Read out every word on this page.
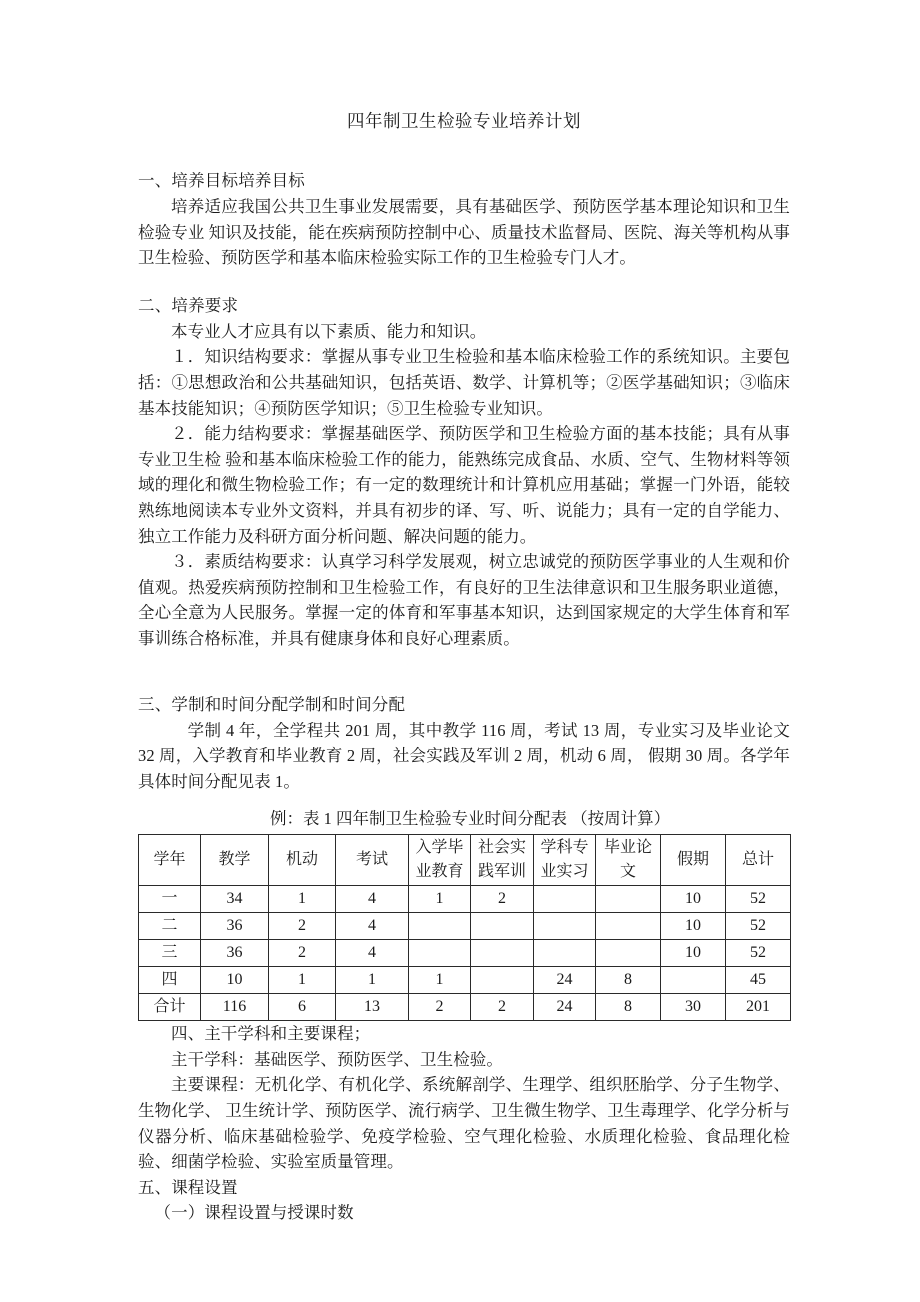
四年制卫生检验专业培养计划

一、培养目标培养目标

培养适应我国公共卫生事业发展需要，具有基础医学、预防医学基本理论知识和卫生检验专业 知识及技能，能在疾病预防控制中心、质量技术监督局、医院、海关等机构从事卫生检验、预防医学和基本临床检验实际工作的卫生检验专门人才。

二、培养要求

本专业人才应具有以下素质、能力和知识。

１．知识结构要求：掌握从事专业卫生检验和基本临床检验工作的系统知识。主要包括：①思想政治和公共基础知识，包括英语、数学、计算机等；②医学基础知识；③临床基本技能知识；④预防医学知识；⑤卫生检验专业知识。

２．能力结构要求：掌握基础医学、预防医学和卫生检验方面的基本技能；具有从事专业卫生检 验和基本临床检验工作的能力，能熟练完成食品、水质、空气、生物材料等领域的理化和微生物检验工作；有一定的数理统计和计算机应用基础；掌握一门外语，能较熟练地阅读本专业外文资料，并具有初步的译、写、听、说能力；具有一定的自学能力、独立工作能力及科研方面分析问题、解决问题的能力。

３．素质结构要求：认真学习科学发展观，树立忠诚党的预防医学事业的人生观和价值观。热爱疾病预防控制和卫生检验工作，有良好的卫生法律意识和卫生服务职业道德，全心全意为人民服务。掌握一定的体育和军事基本知识，达到国家规定的大学生体育和军事训练合格标准，并具有健康身体和良好心理素质。

三、学制和时间分配学制和时间分配

学制 4 年，全学程共 201 周，其中教学 116 周，考试 13 周，专业实习及毕业论文 32 周，入学教育和毕业教育 2 周，社会实践及军训 2 周，机动 6 周， 假期 30 周。各学年具体时间分配见表 1。

例：表 1 四年制卫生检验专业时间分配表 （按周计算）

学年	教学	机动	考试	入学毕业教育	社会实践军训	学科专业实习	毕业论文	假期	总计
一	34	1	4	1	2			10	52
二	36	2	4					10	52
三	36	2	4					10	52
四	10	1	1	1		24	8		45
合计	116	6	13	2	2	24	8	30	201

四、主干学科和主要课程；

主干学科：基础医学、预防医学、卫生检验。

主要课程：无机化学、有机化学、系统解剖学、生理学、组织胚胎学、分子生物学、生物化学、 卫生统计学、预防医学、流行病学、卫生微生物学、卫生毒理学、化学分析与仪器分析、临床基础检验学、免疫学检验、空气理化检验、水质理化检验、食品理化检验、细菌学检验、实验室质量管理。

五、课程设置

（一）课程设置与授课时数
